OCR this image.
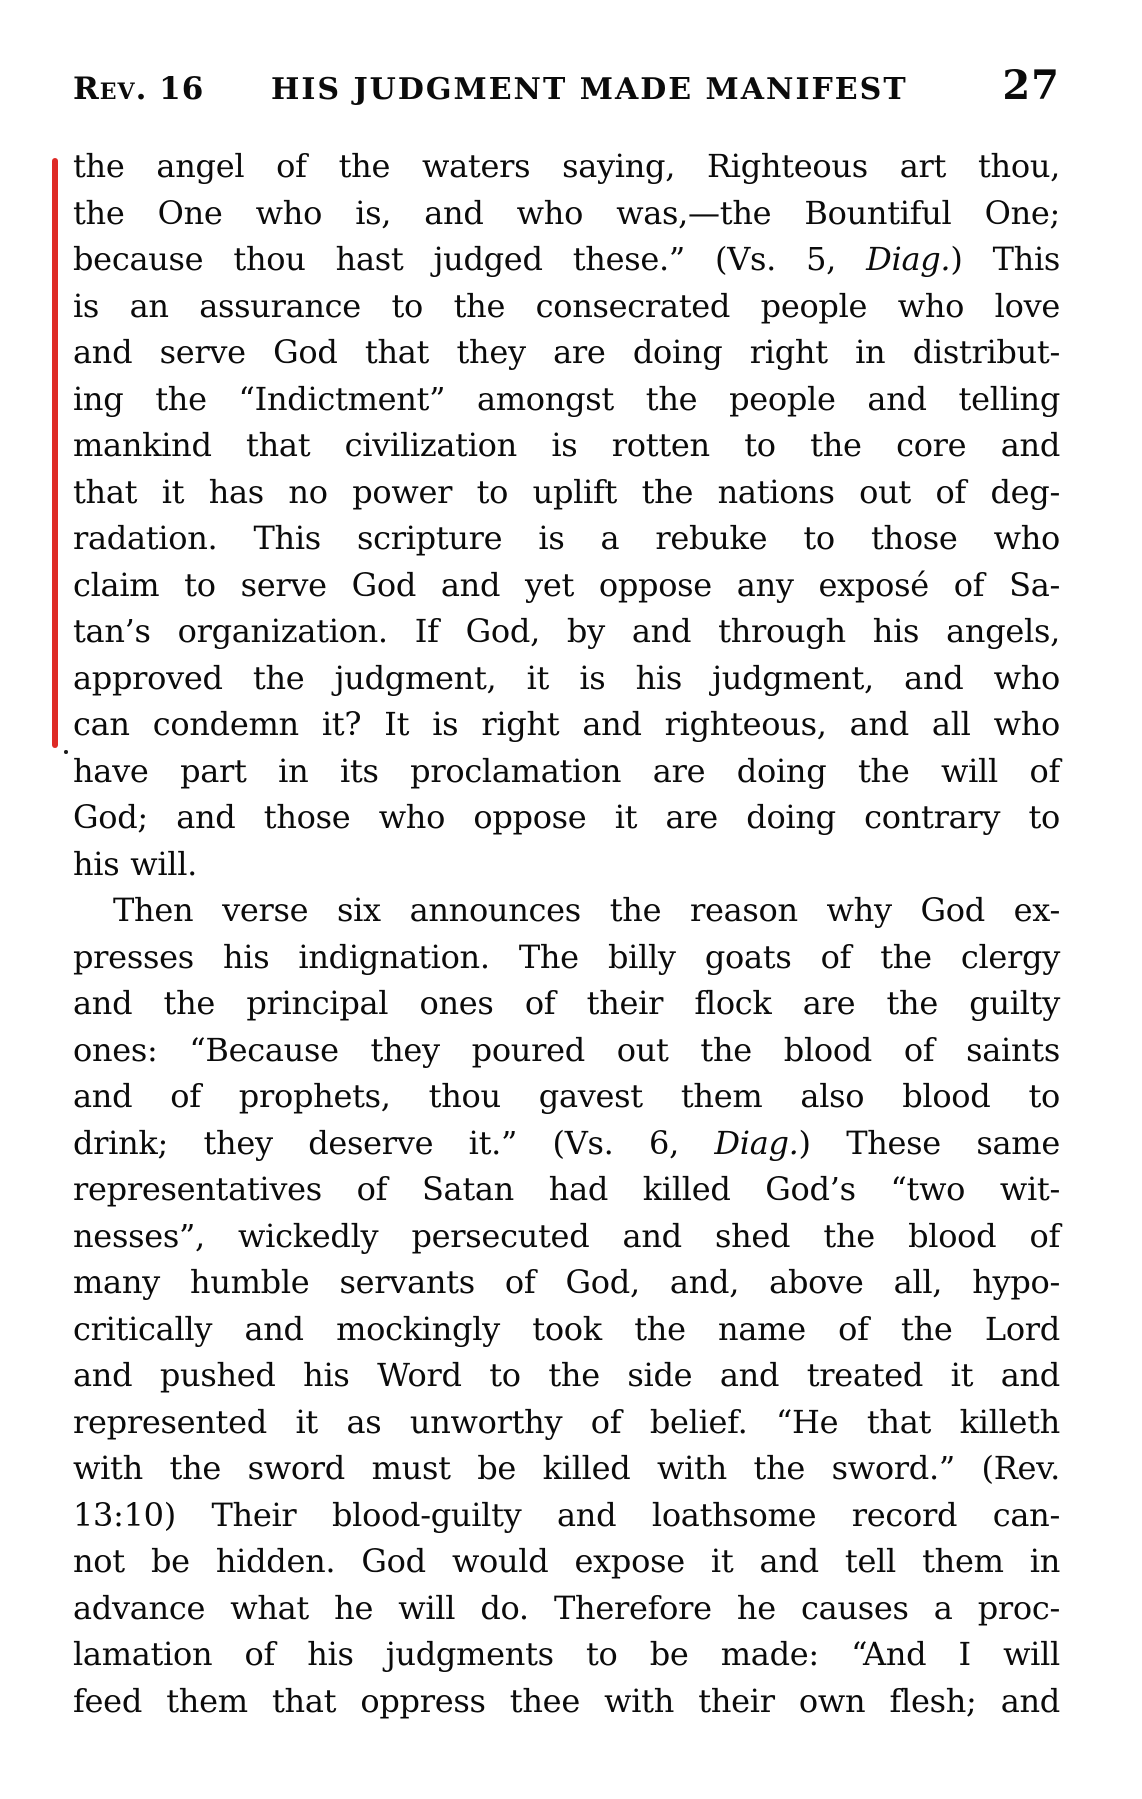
Rev. 16 HIS JUDGMENT MADE MANIFEST 27
the angel of the waters saying, Righteous art thou,
the One who is, and who was,—the Bountiful One;
because thou hast judged these.” (Vs. 5, Diag.) This
is an assurance to the consecrated people who love
and serve God that they are doing right in distribut-
ing the “Indictment” amongst the people and telling
mankind that civilization is rotten to the core and
that it has no power to uplift the nations out of deg-
radation. This scripture is a rebuke to those who
claim to serve God and yet oppose any exposé of Sa-
tan’s organization. If God, by and through his angels,
approved the judgment, it is his judgment, and who
can condemn it? It is right and righteous, and all who
have part in its proclamation are doing the will of
God; and those who oppose it are doing contrary to
his will.
Then verse six announces the reason why God ex-
presses his indignation. The billy goats of the clergy
and the principal ones of their flock are the guilty
ones: “Because they poured out the blood of saints
and of prophets, thou gavest them also blood to
drink; they deserve it.” (Vs. 6, Diag.) These same
representatives of Satan had killed God’s “two wit-
nesses”, wickedly persecuted and shed the blood of
many humble servants of God, and, above all, hypo-
critically and mockingly took the name of the Lord
and pushed his Word to the side and treated it and
represented it as unworthy of belief. “He that killeth
with the sword must be killed with the sword.” (Rev.
13:10) Their blood-guilty and loathsome record can-
not be hidden. God would expose it and tell them in
advance what he will do. Therefore he causes a proc-
lamation of his judgments to be made: “And I will
feed them that oppress thee with their own flesh; and
